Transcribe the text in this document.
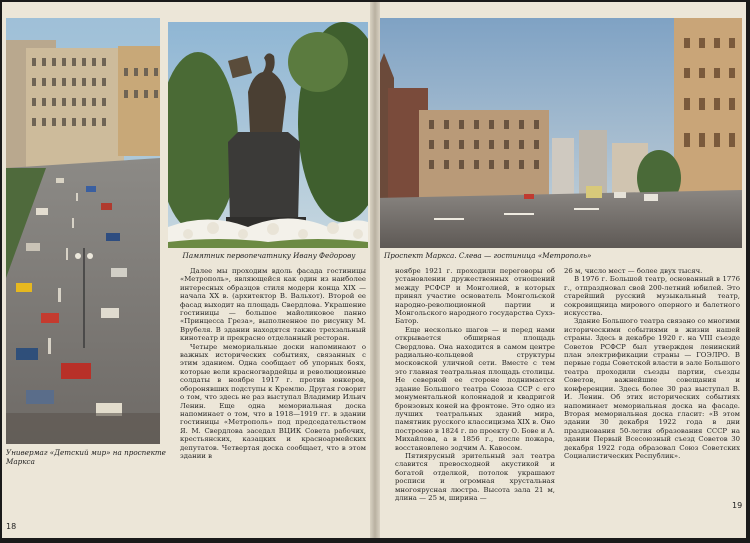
Универмаг «Детский мир» на проспекте Маркса
Памятник первопечатнику Ивану Федорову	Проспект Маркса. Слева — гостиница «Метрополь»

Далее мы проходим вдоль фасада гостиницы «Метрополь», являющейся как один из наиболее интересных образцов стиля модерн конца XIX — начала XX в. (архитектор В. Вальхот). Второй ее фасад выходит на площадь Свердлова. Украшение гостиницы — большое майоликовое панно «Принцесса Греза», выполненное по рисунку М. Врубеля. В здании находятся также трехзальный кинотеатр и прекрасно отделанный ресторан.

Четыре мемориальные доски напоминают о важных исторических событиях, связанных с этим зданием. Одна сообщает об упорных боях, которые вели красногвардейцы и революционные солдаты в ноябре 1917 г. против юнкеров, оборонявших подступы к Кремлю. Другая говорит о том, что здесь не раз выступал Владимир Ильич Ленин. Еще одна мемориальная доска напоминает о том, что в 1918—1919 гг. в здании гостиницы «Метрополь» под председательством Я. М. Свердлова заседал ВЦИК Совета рабочих, крестьянских, казацких и красноармейских депутатов. Четвертая доска сообщает, что в этом здании в

ноябре 1921 г. проходили переговоры об установлении дружественных отношений между РСФСР и Монголией, в которых принял участие основатель Монгольской народно-революционной партии и Монгольского народного государства Сухэ-Батор.

Еще несколько шагов — и перед нами открывается обширная площадь Свердлова. Она находится в самом центре радиально-кольцевой структуры московской уличной сети. Вместе с тем это главная театральная площадь столицы. Не северной ее стороне поднимается здание Большого театра Союза ССР с его монументальной колоннадой и квадригой бронзовых коней на фронтоне. Это одно из лучших театральных зданий мира, памятник русского классицизма XIX в. Оно построено в 1824 г. по проекту О. Бове и А. Михайлова, а в 1856 г., после пожара, восстановлено зодчим А. Кавосом.

Пятиярусный зрительный зал театра славится превосходной акустикой и богатой отделкой, потолок украшают росписи и огромная хрустальная многоярусная люстра. Высота зала 21 м, длина — 25 м, ширина —

26 м, число мест — более двух тысяч.

В 1976 г. Большой театр, основанный в 1776 г., отпраздновал свой 200-летний юбилей. Это старейший русский музыкальный театр, сокровищница мирового оперного и балетного искусства.

Здание Большого театра связано со многими историческими событиями в жизни нашей страны. Здесь в декабре 1920 г. на VIII съезде Советов РСФСР был утвержден ленинский план электрификации страны — ГОЭЛРО. В первые годы Советской власти в зале Большого театра проходили съезды партии, съезды Советов, важнейшие совещания и конференции. Здесь более 30 раз выступал В. И. Ленин. Об этих исторических событиях напоминает мемориальная доска на фасаде. Вторая мемориальная доска гласит: «В этом здании 30 декабря 1922 года в дни празднования 50-летия образования СССР на здании Первый Всесоюзный съезд Советов 30 декабря 1922 года образовал Союз Советских Социалистических Республик».

18
19
